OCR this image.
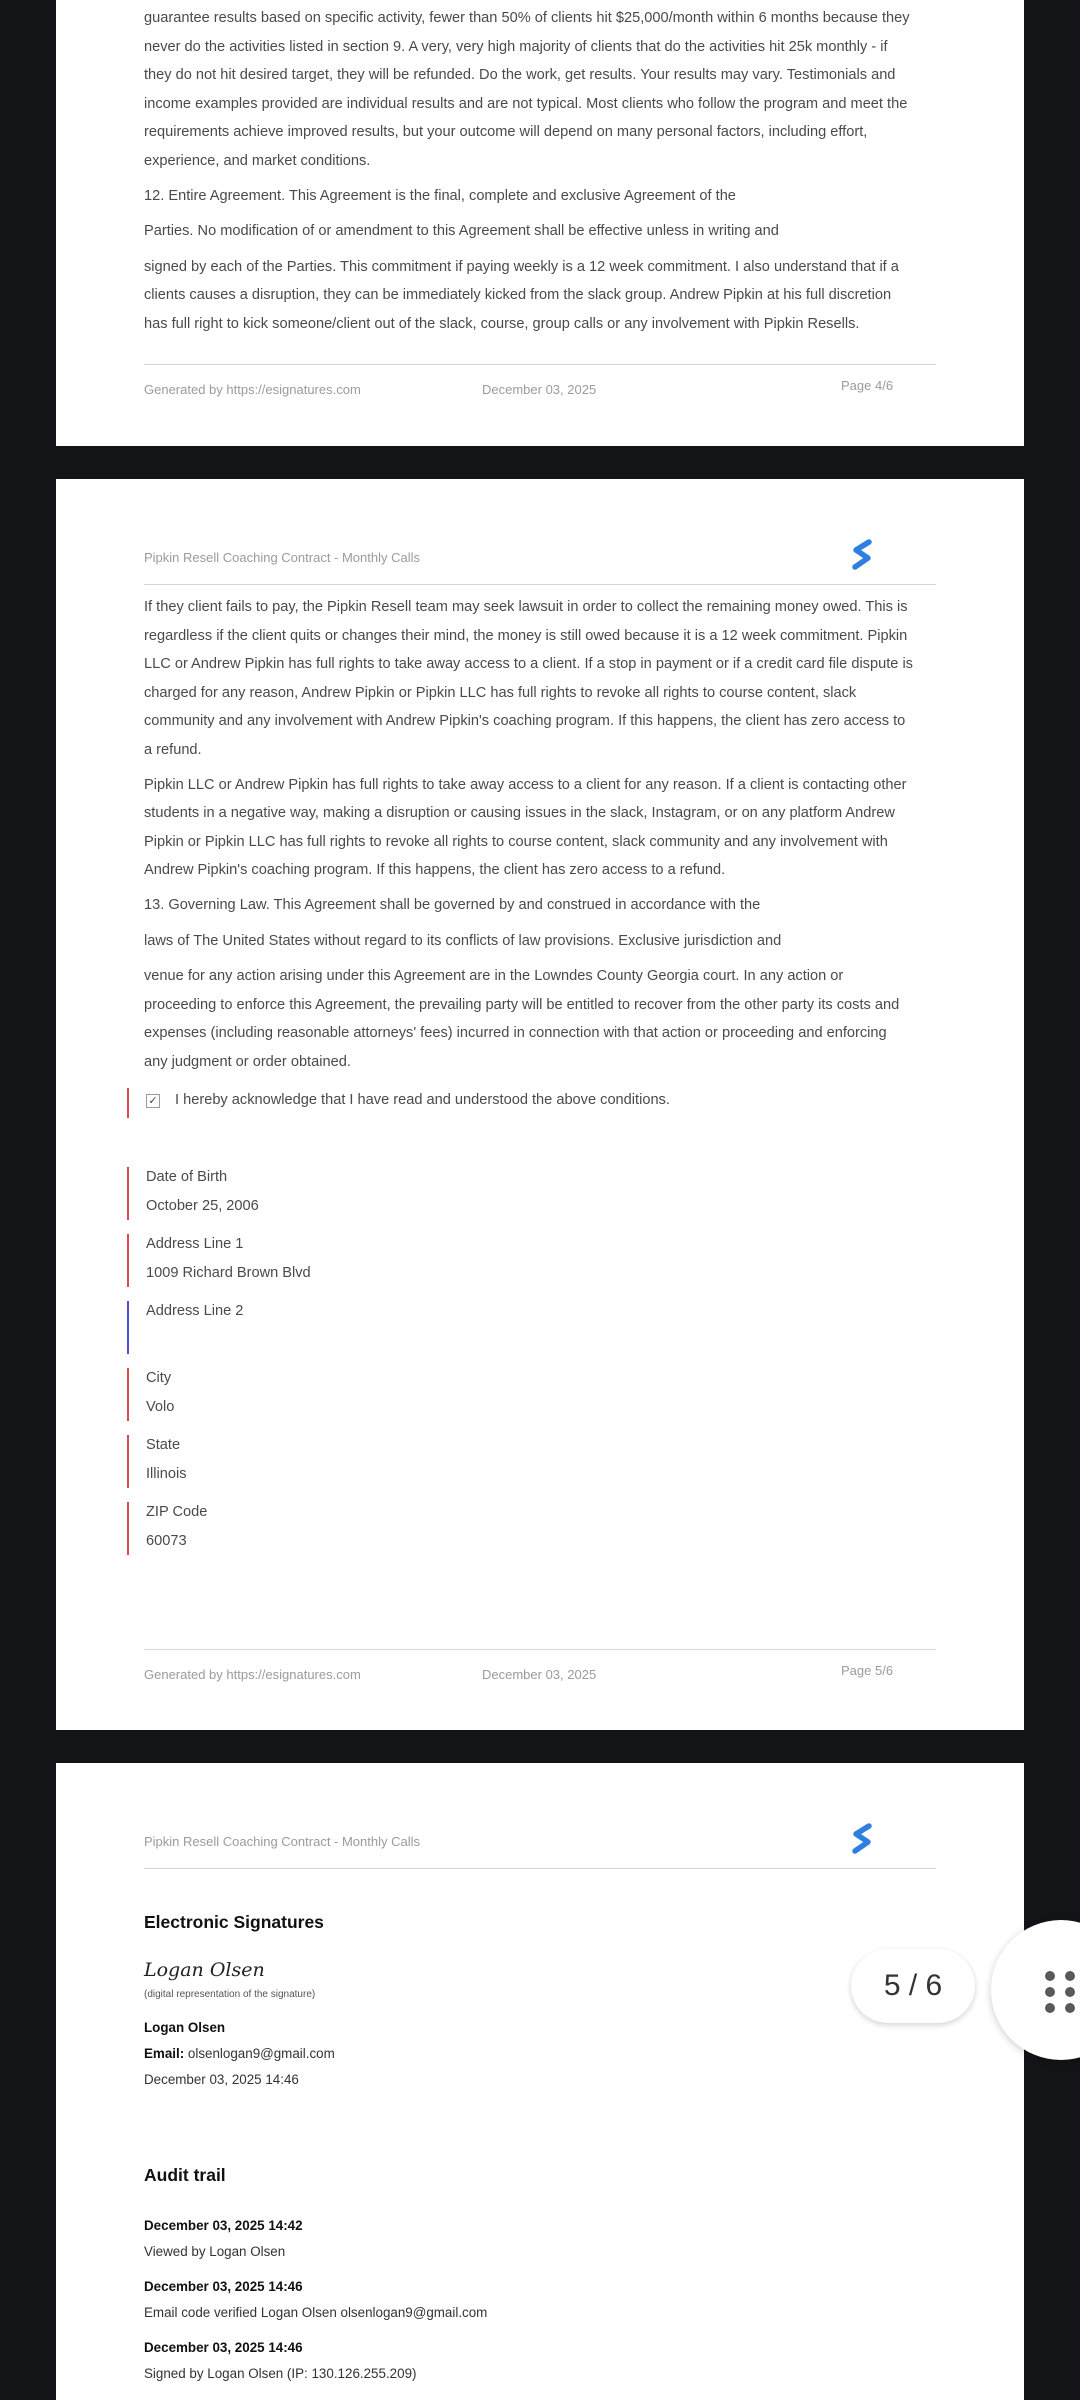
guarantee results based on specific activity, fewer than 50% of clients hit $25,000/month within 6 months because they
never do the activities listed in section 9. A very, very high majority of clients that do the activities hit 25k monthly - if
they do not hit desired target, they will be refunded. Do the work, get results. Your results may vary. Testimonials and
income examples provided are individual results and are not typical. Most clients who follow the program and meet the
requirements achieve improved results, but your outcome will depend on many personal factors, including effort,
experience, and market conditions.

12. Entire Agreement. This Agreement is the final, complete and exclusive Agreement of the

Parties. No modification of or amendment to this Agreement shall be effective unless in writing and

signed by each of the Parties. This commitment if paying weekly is a 12 week commitment. I also understand that if a
clients causes a disruption, they can be immediately kicked from the slack group. Andrew Pipkin at his full discretion
has full right to kick someone/client out of the slack, course, group calls or any involvement with Pipkin Resells.

Generated by https://esignatures.com	December 03, 2025	Page 4/6
Pipkin Resell Coaching Contract - Monthly Calls

If they client fails to pay, the Pipkin Resell team may seek lawsuit in order to collect the remaining money owed. This is
regardless if the client quits or changes their mind, the money is still owed because it is a 12 week commitment. Pipkin
LLC or Andrew Pipkin has full rights to take away access to a client. If a stop in payment or if a credit card file dispute is
charged for any reason, Andrew Pipkin or Pipkin LLC has full rights to revoke all rights to course content, slack
community and any involvement with Andrew Pipkin's coaching program. If this happens, the client has zero access to
a refund.

Pipkin LLC or Andrew Pipkin has full rights to take away access to a client for any reason. If a client is contacting other
students in a negative way, making a disruption or causing issues in the slack, Instagram, or on any platform Andrew
Pipkin or Pipkin LLC has full rights to revoke all rights to course content, slack community and any involvement with
Andrew Pipkin's coaching program. If this happens, the client has zero access to a refund.

13. Governing Law. This Agreement shall be governed by and construed in accordance with the

laws of The United States without regard to its conflicts of law provisions. Exclusive jurisdiction and

venue for any action arising under this Agreement are in the Lowndes County Georgia court. In any action or
proceeding to enforce this Agreement, the prevailing party will be entitled to recover from the other party its costs and
expenses (including reasonable attorneys' fees) incurred in connection with that action or proceeding and enforcing
any judgment or order obtained.

✓ I hereby acknowledge that I have read and understood the above conditions.
Date of Birth
October 25, 2006
Address Line 1
1009 Richard Brown Blvd
Address Line 2
City
Volo
State
Illinois
ZIP Code
60073
Generated by https://esignatures.com	December 03, 2025	Page 5/6
Pipkin Resell Coaching Contract - Monthly Calls
Electronic Signatures
Logan Olsen
(digital representation of the signature)
Logan Olsen
Email: olsenlogan9@gmail.com
December 03, 2025 14:46
Audit trail
December 03, 2025 14:42
Viewed by Logan Olsen
December 03, 2025 14:46
Email code verified Logan Olsen olsenlogan9@gmail.com
December 03, 2025 14:46
Signed by Logan Olsen (IP: 130.126.255.209)
5 / 6
